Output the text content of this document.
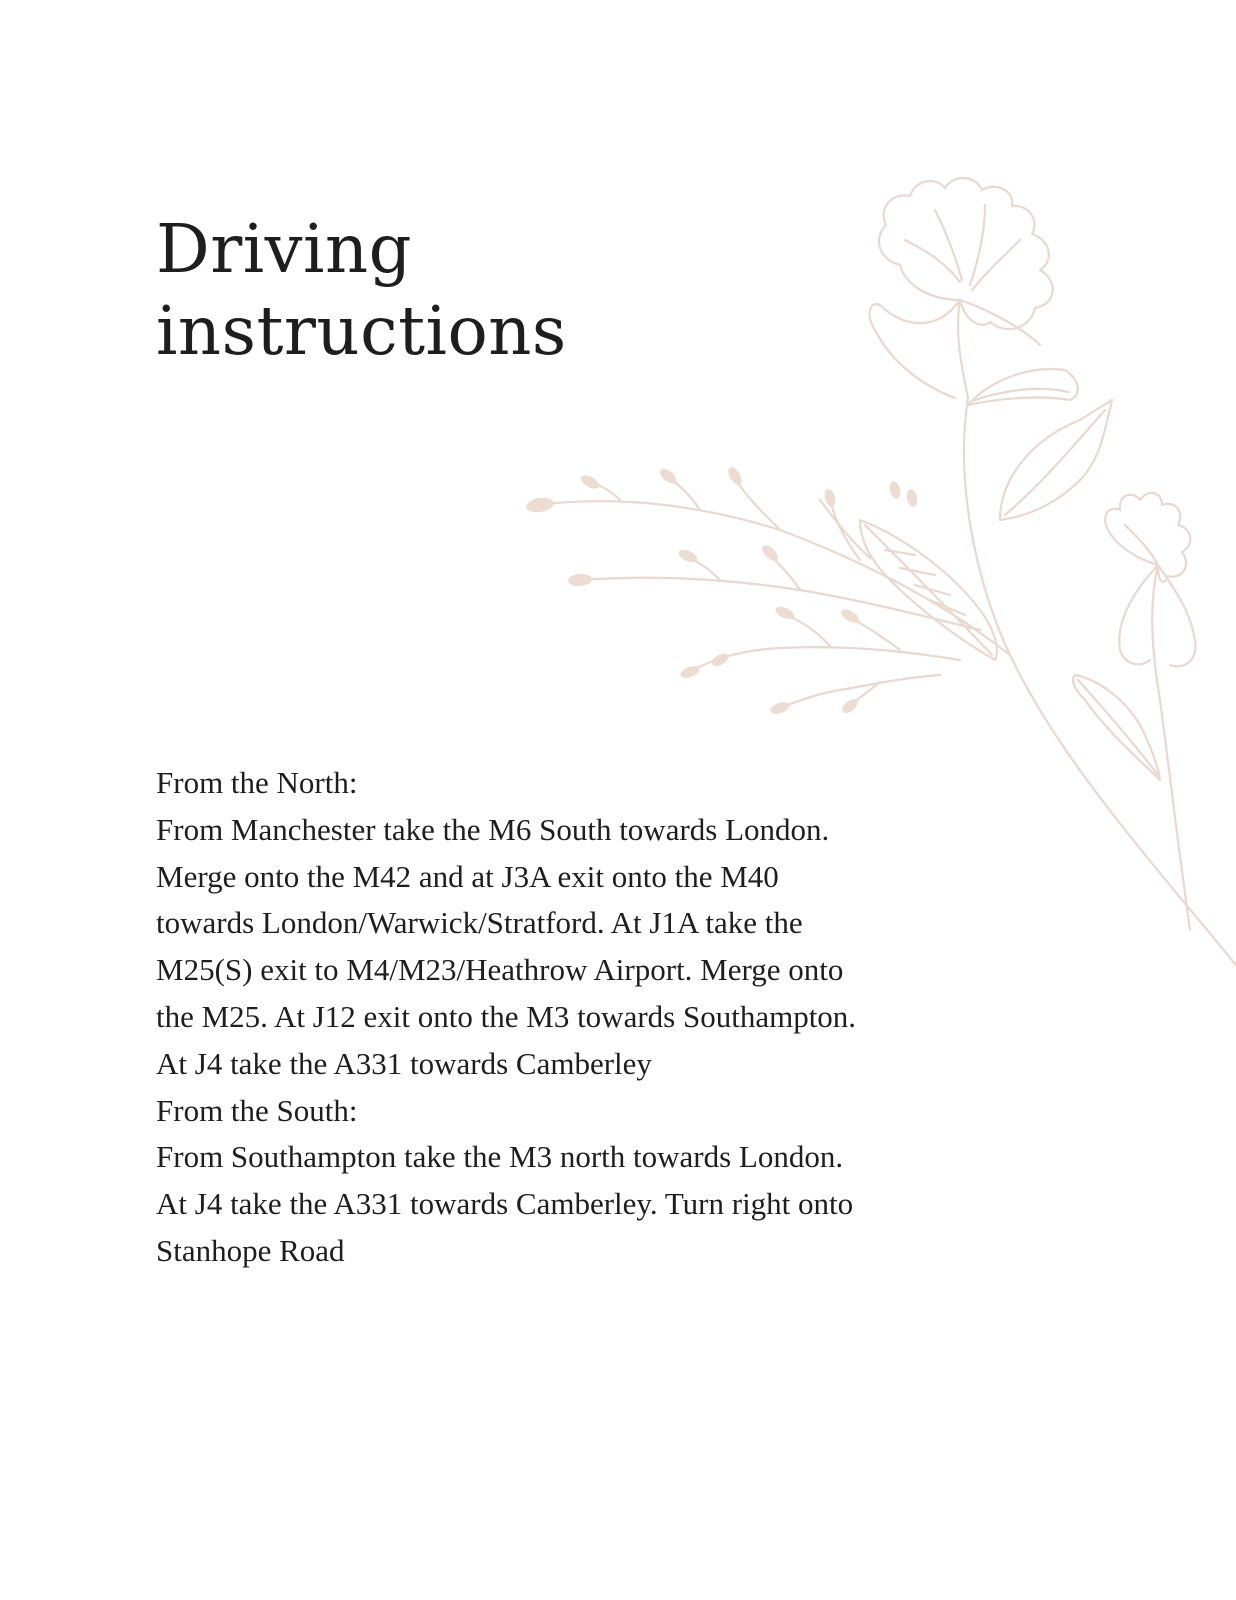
Driving
instructions

From the North:

From Manchester take the M6 South towards London.

Merge onto the M42 and at J3A exit onto the M40

towards London/Warwick/Stratford. At J1A take the

M25(S) exit to M4/M23/Heathrow Airport. Merge onto

the M25. At J12 exit onto the M3 towards Southampton.

At J4 take the A331 towards Camberley

From the South:

From Southampton take the M3 north towards London.

At J4 take the A331 towards Camberley. Turn right onto

Stanhope Road
